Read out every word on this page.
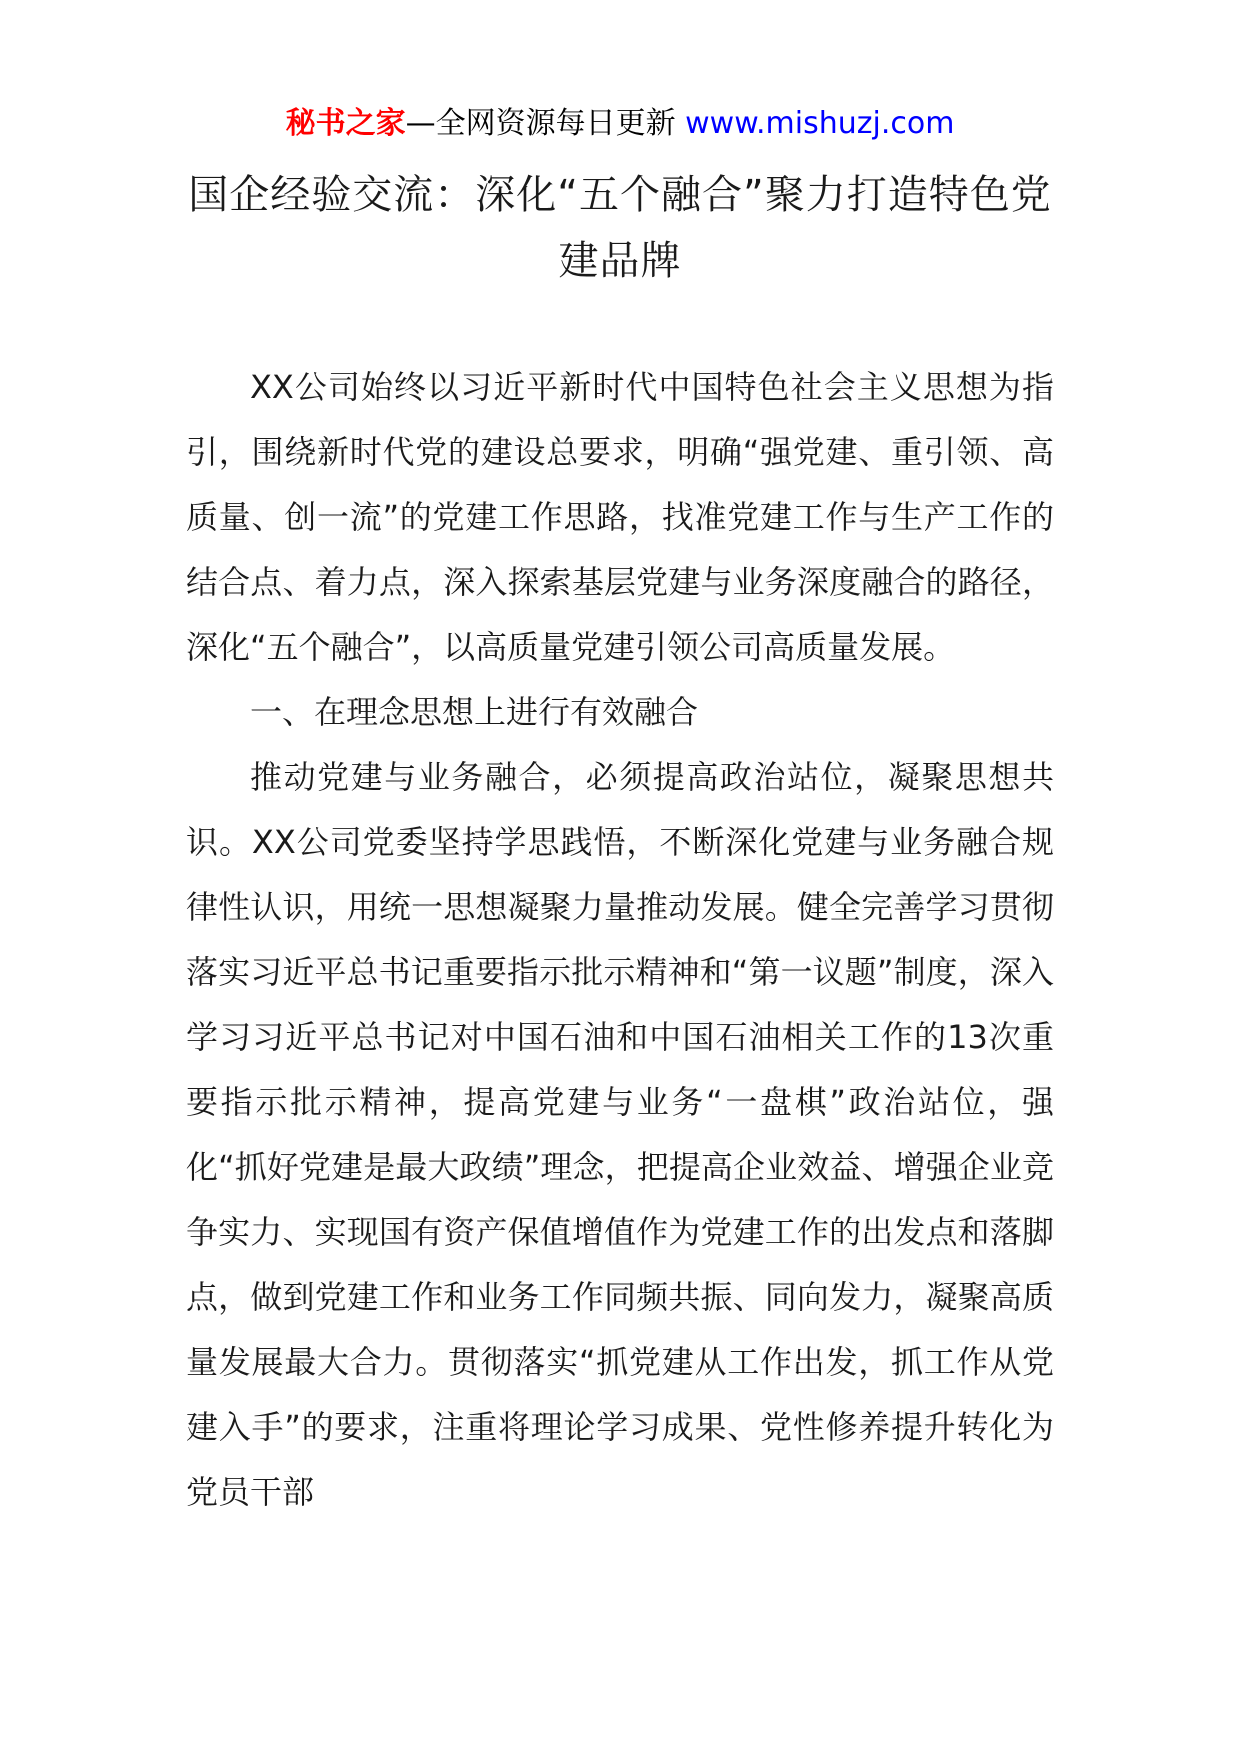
秘书之家—全网资源每日更新 www.mishuzj.com
国企经验交流：深化“五个融合”聚力打造特色党建品牌

XX公司始终以习近平新时代中国特色社会主义思想为指引，围绕新时代党的建设总要求，明确“强党建、重引领、高质量、创一流”的党建工作思路，找准党建工作与生产工作的结合点、着力点，深入探索基层党建与业务深度融合的路径，深化“五个融合”，以高质量党建引领公司高质量发展。

一、在理念思想上进行有效融合

推动党建与业务融合，必须提高政治站位，凝聚思想共识。XX公司党委坚持学思践悟，不断深化党建与业务融合规律性认识，用统一思想凝聚力量推动发展。健全完善学习贯彻落实习近平总书记重要指示批示精神和“第一议题”制度，深入学习习近平总书记对中国石油和中国石油相关工作的13次重要指示批示精神，提高党建与业务“一盘棋”政治站位，强化“抓好党建是最大政绩”理念，把提高企业效益、增强企业竞争实力、实现国有资产保值增值作为党建工作的出发点和落脚点，做到党建工作和业务工作同频共振、同向发力，凝聚高质量发展最大合力。贯彻落实“抓党建从工作出发，抓工作从党建入手”的要求，注重将理论学习成果、党性修养提升转化为党员干部
